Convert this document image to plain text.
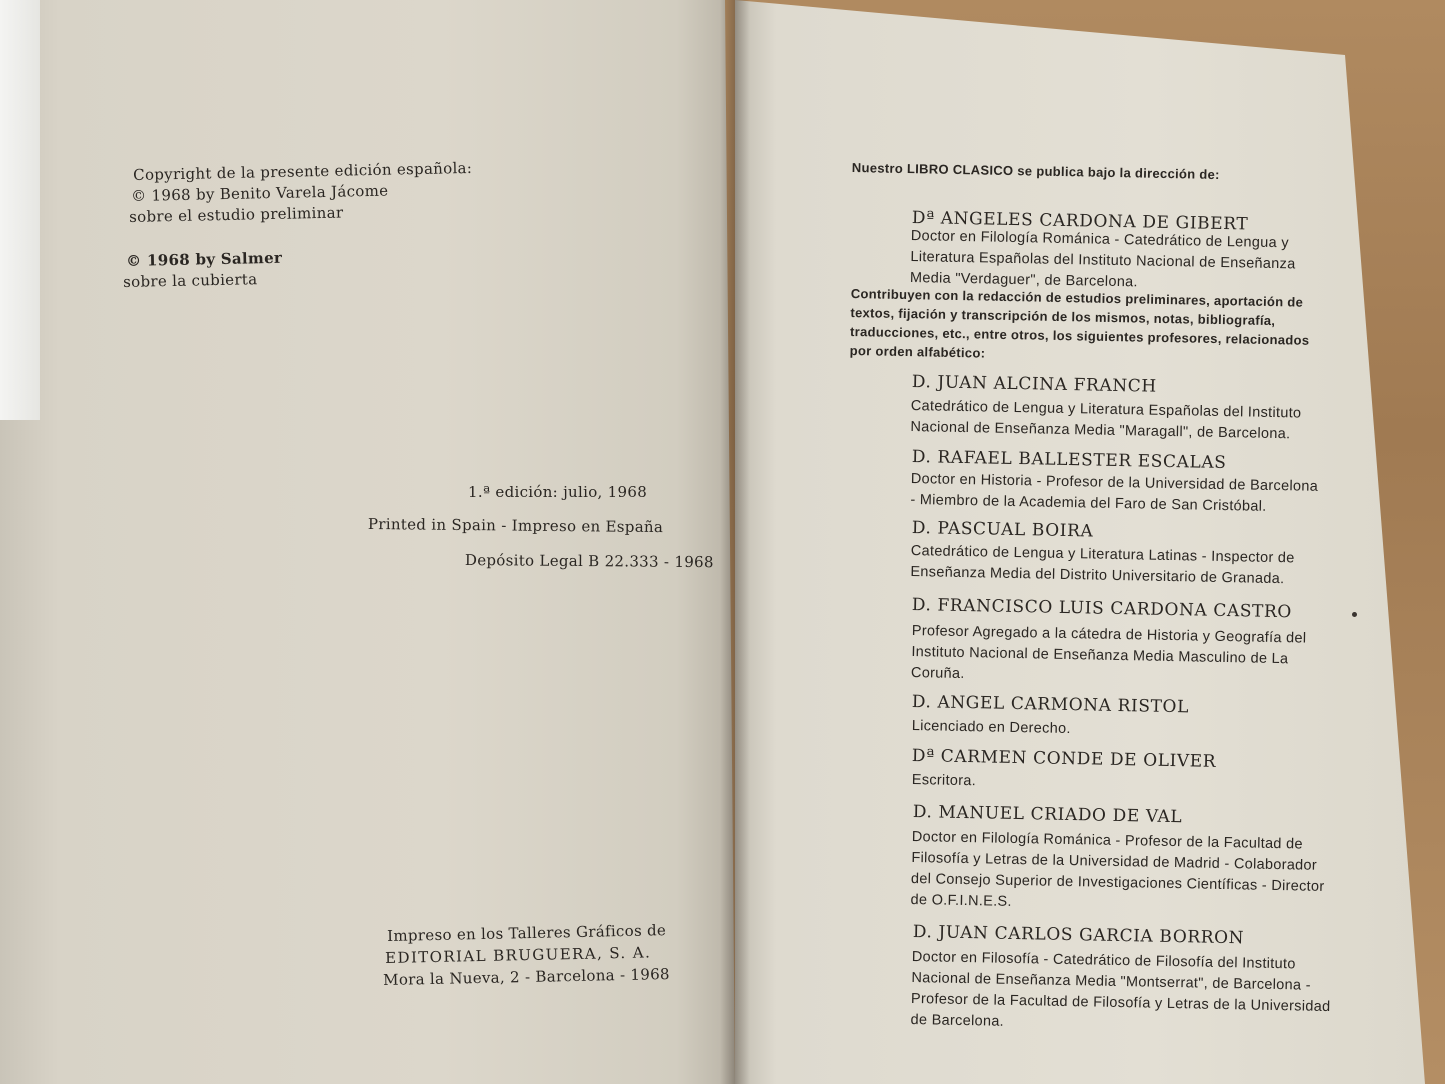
Copyright de la presente edición española:
© 1968 by Benito Varela Jácome
sobre el estudio preliminar
© 1968 by Salmer
sobre la cubierta
1.ª edición: julio, 1968
Printed in Spain - Impreso en España
Depósito Legal B 22.333 - 1968
Impreso en los Talleres Gráficos de
EDITORIAL BRUGUERA, S. A.
Mora la Nueva, 2 - Barcelona - 1968
Nuestro LIBRO CLASICO se publica bajo la dirección de:
Dª ANGELES CARDONA DE GIBERT
Doctor en Filología Románica - Catedrático de Lengua y Literatura Españolas del Instituto Nacional de Enseñanza Media "Verdaguer", de Barcelona.
Contribuyen con la redacción de estudios preliminares, aportación de textos, fijación y transcripción de los mismos, notas, bibliografía, traducciones, etc., entre otros, los siguientes profesores, relacionados por orden alfabético:
D. JUAN ALCINA FRANCH
Catedrático de Lengua y Literatura Españolas del Instituto Nacional de Enseñanza Media "Maragall", de Barcelona.
D. RAFAEL BALLESTER ESCALAS
Doctor en Historia - Profesor de la Universidad de Barcelona - Miembro de la Academia del Faro de San Cristóbal.
D. PASCUAL BOIRA
Catedrático de Lengua y Literatura Latinas - Inspector de Enseñanza Media del Distrito Universitario de Granada.
D. FRANCISCO LUIS CARDONA CASTRO
Profesor Agregado a la cátedra de Historia y Geografía del Instituto Nacional de Enseñanza Media Masculino de La Coruña.
D. ANGEL CARMONA RISTOL
Licenciado en Derecho.
Dª CARMEN CONDE DE OLIVER
Escritora.
D. MANUEL CRIADO DE VAL
Doctor en Filología Románica - Profesor de la Facultad de Filosofía y Letras de la Universidad de Madrid - Colaborador del Consejo Superior de Investigaciones Científicas - Director de O.F.I.N.E.S.
D. JUAN CARLOS GARCIA BORRON
Doctor en Filosofía - Catedrático de Filosofía del Instituto Nacional de Enseñanza Media "Montserrat", de Barcelona - Profesor de la Facultad de Filosofía y Letras de la Universidad de Barcelona.
